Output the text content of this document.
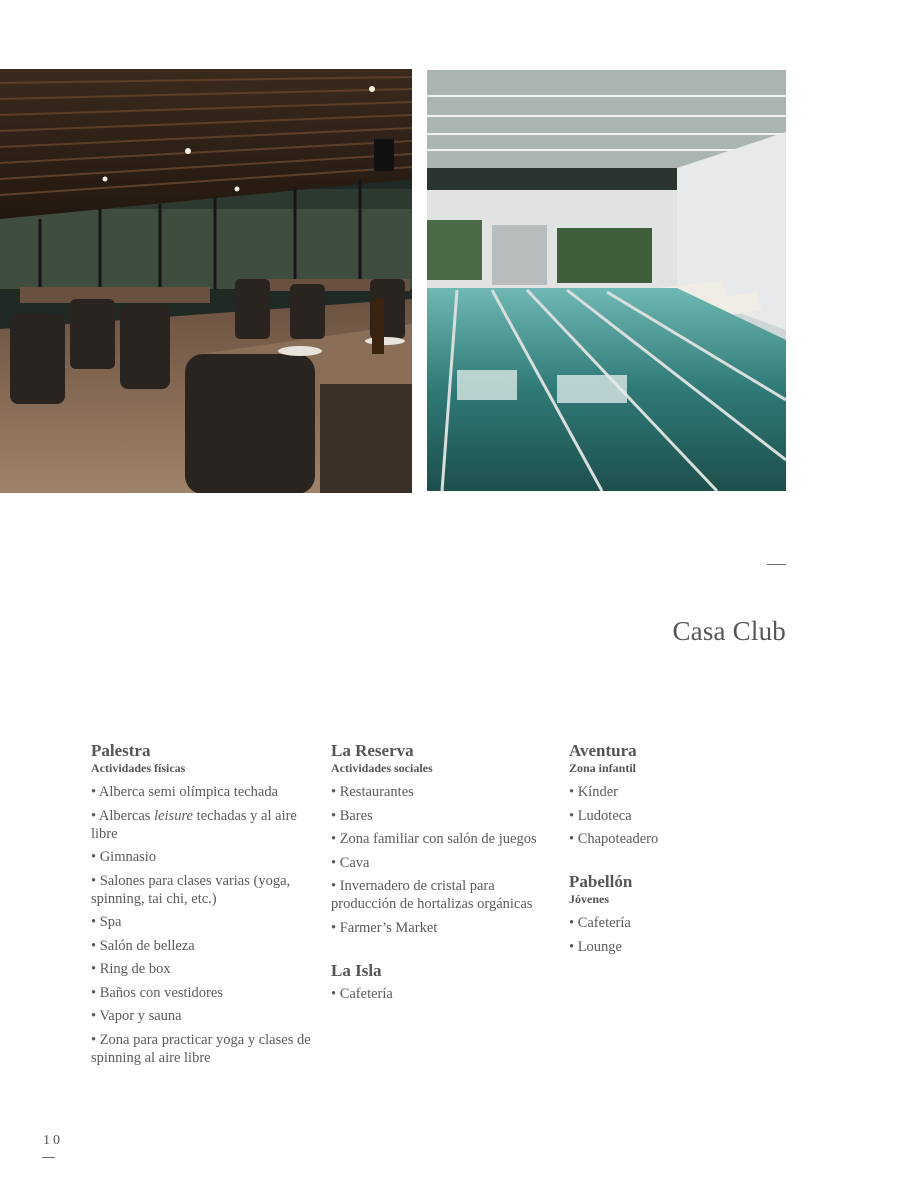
Casa Club
Palestra
Actividades físicas
• Alberca semi olímpica techada
• Albercas leisure techadas y al aire libre
• Gimnasio
• Salones para clases varias (yoga, spinning, tai chi, etc.)
• Spa
• Salón de belleza
• Ring de box
• Baños con vestidores
• Vapor y sauna
• Zona para practicar yoga y clases de spinning al aire libre
La Reserva
Actividades sociales
• Restaurantes
• Bares
• Zona familiar con salón de juegos
• Cava
• Invernadero de cristal para producción de hortalizas orgánicas
• Farmer’s Market
La Isla
• Cafetería
Aventura
Zona infantil
• Kínder
• Ludoteca
• Chapoteadero
Pabellón
Jóvenes
• Cafetería
• Lounge
10
